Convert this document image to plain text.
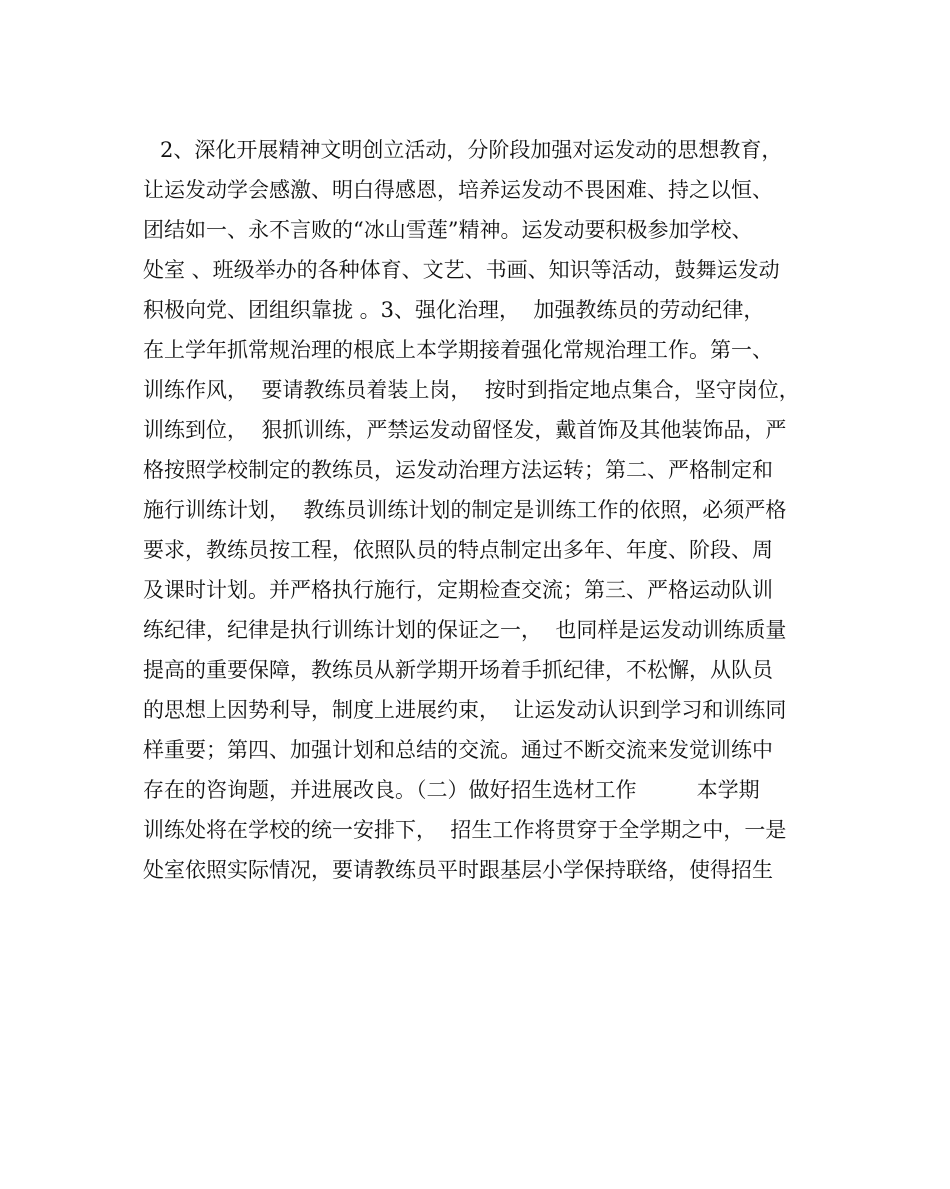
2、深化开展精神文明创立活动，分阶段加强对运发动的思想教育，
让运发动学会感激、明白得感恩，培养运发动不畏困难、持之以恒、
团结如一、永不言败的“冰山雪莲”精神。运发动要积极参加学校、
处室 、班级举办的各种体育、文艺、书画、知识等活动，鼓舞运发动
积极向党、团组织靠拢 。3、强化治理，  加强教练员的劳动纪律，
在上学年抓常规治理的根底上本学期接着强化常规治理工作。第一、
训练作风，  要请教练员着装上岗，  按时到指定地点集合，坚守岗位，
训练到位，  狠抓训练，严禁运发动留怪发，戴首饰及其他装饰品，严
格按照学校制定的教练员，运发动治理方法运转；第二、严格制定和
施行训练计划，  教练员训练计划的制定是训练工作的依照，必须严格
要求，教练员按工程，依照队员的特点制定出多年、年度、阶段、周
及课时计划。并严格执行施行，定期检查交流；第三、严格运动队训
练纪律，纪律是执行训练计划的保证之一，  也同样是运发动训练质量
提高的重要保障，教练员从新学期开场着手抓纪律，不松懈，从队员
的思想上因势利导，制度上进展约束，  让运发动认识到学习和训练同
样重要；第四、加强计划和总结的交流。通过不断交流来发觉训练中
存在的咨询题，并进展改良。（二）做好招生选材工作         本学期
训练处将在学校的统一安排下，  招生工作将贯穿于全学期之中，一是
处室依照实际情况，要请教练员平时跟基层小学保持联络，使得招生
